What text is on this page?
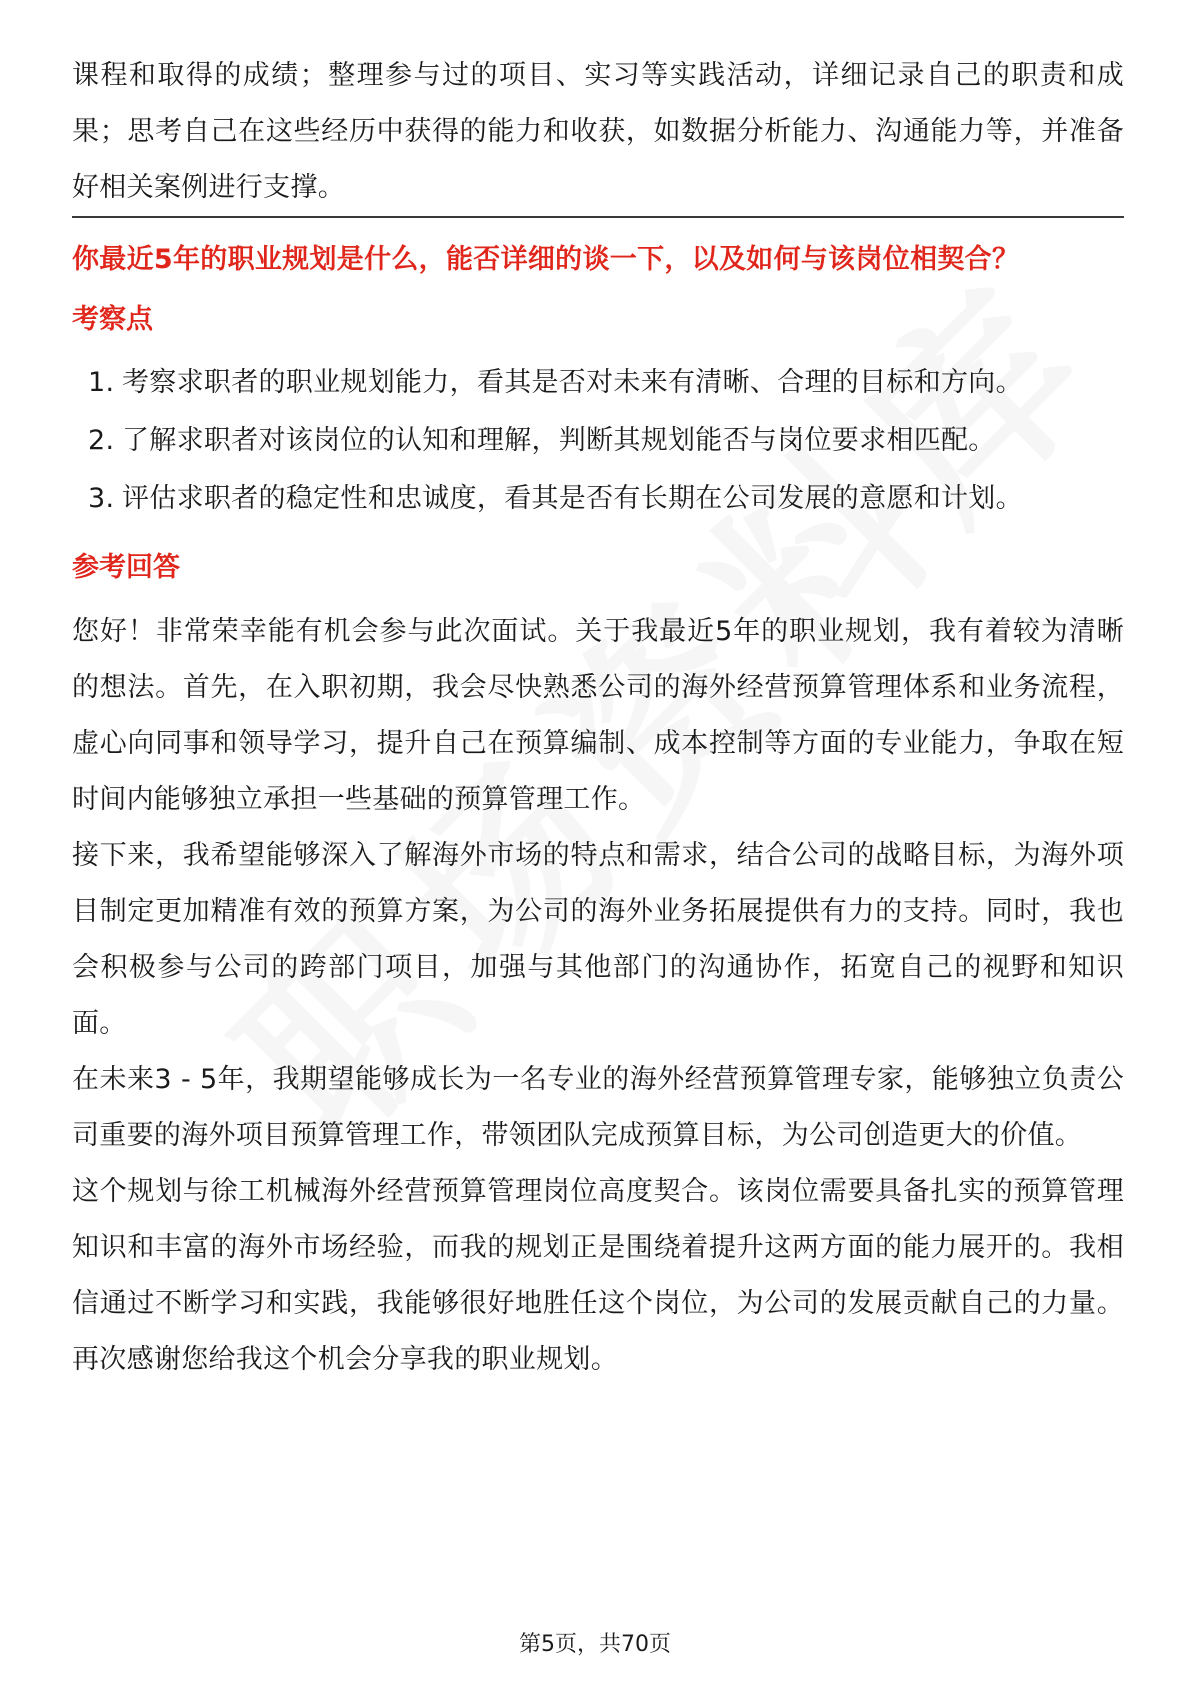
课程和取得的成绩；整理参与过的项目、实习等实践活动，详细记录自己的职责和成果；思考自己在这些经历中获得的能力和收获，如数据分析能力、沟通能力等，并准备好相关案例进行支撑。

你最近5年的职业规划是什么，能否详细的谈一下，以及如何与该岗位相契合？

考察点

1. 考察求职者的职业规划能力，看其是否对未来有清晰、合理的目标和方向。
2. 了解求职者对该岗位的认知和理解，判断其规划能否与岗位要求相匹配。
3. 评估求职者的稳定性和忠诚度，看其是否有长期在公司发展的意愿和计划。

参考回答

您好！非常荣幸能有机会参与此次面试。关于我最近5年的职业规划，我有着较为清晰的想法。首先，在入职初期，我会尽快熟悉公司的海外经营预算管理体系和业务流程，虚心向同事和领导学习，提升自己在预算编制、成本控制等方面的专业能力，争取在短时间内能够独立承担一些基础的预算管理工作。

接下来，我希望能够深入了解海外市场的特点和需求，结合公司的战略目标，为海外项目制定更加精准有效的预算方案，为公司的海外业务拓展提供有力的支持。同时，我也会积极参与公司的跨部门项目，加强与其他部门的沟通协作，拓宽自己的视野和知识面。

在未来3 - 5年，我期望能够成长为一名专业的海外经营预算管理专家，能够独立负责公司重要的海外项目预算管理工作，带领团队完成预算目标，为公司创造更大的价值。

这个规划与徐工机械海外经营预算管理岗位高度契合。该岗位需要具备扎实的预算管理知识和丰富的海外市场经验，而我的规划正是围绕着提升这两方面的能力展开的。我相信通过不断学习和实践，我能够很好地胜任这个岗位，为公司的发展贡献自己的力量。再次感谢您给我这个机会分享我的职业规划。

第5页，共70页
